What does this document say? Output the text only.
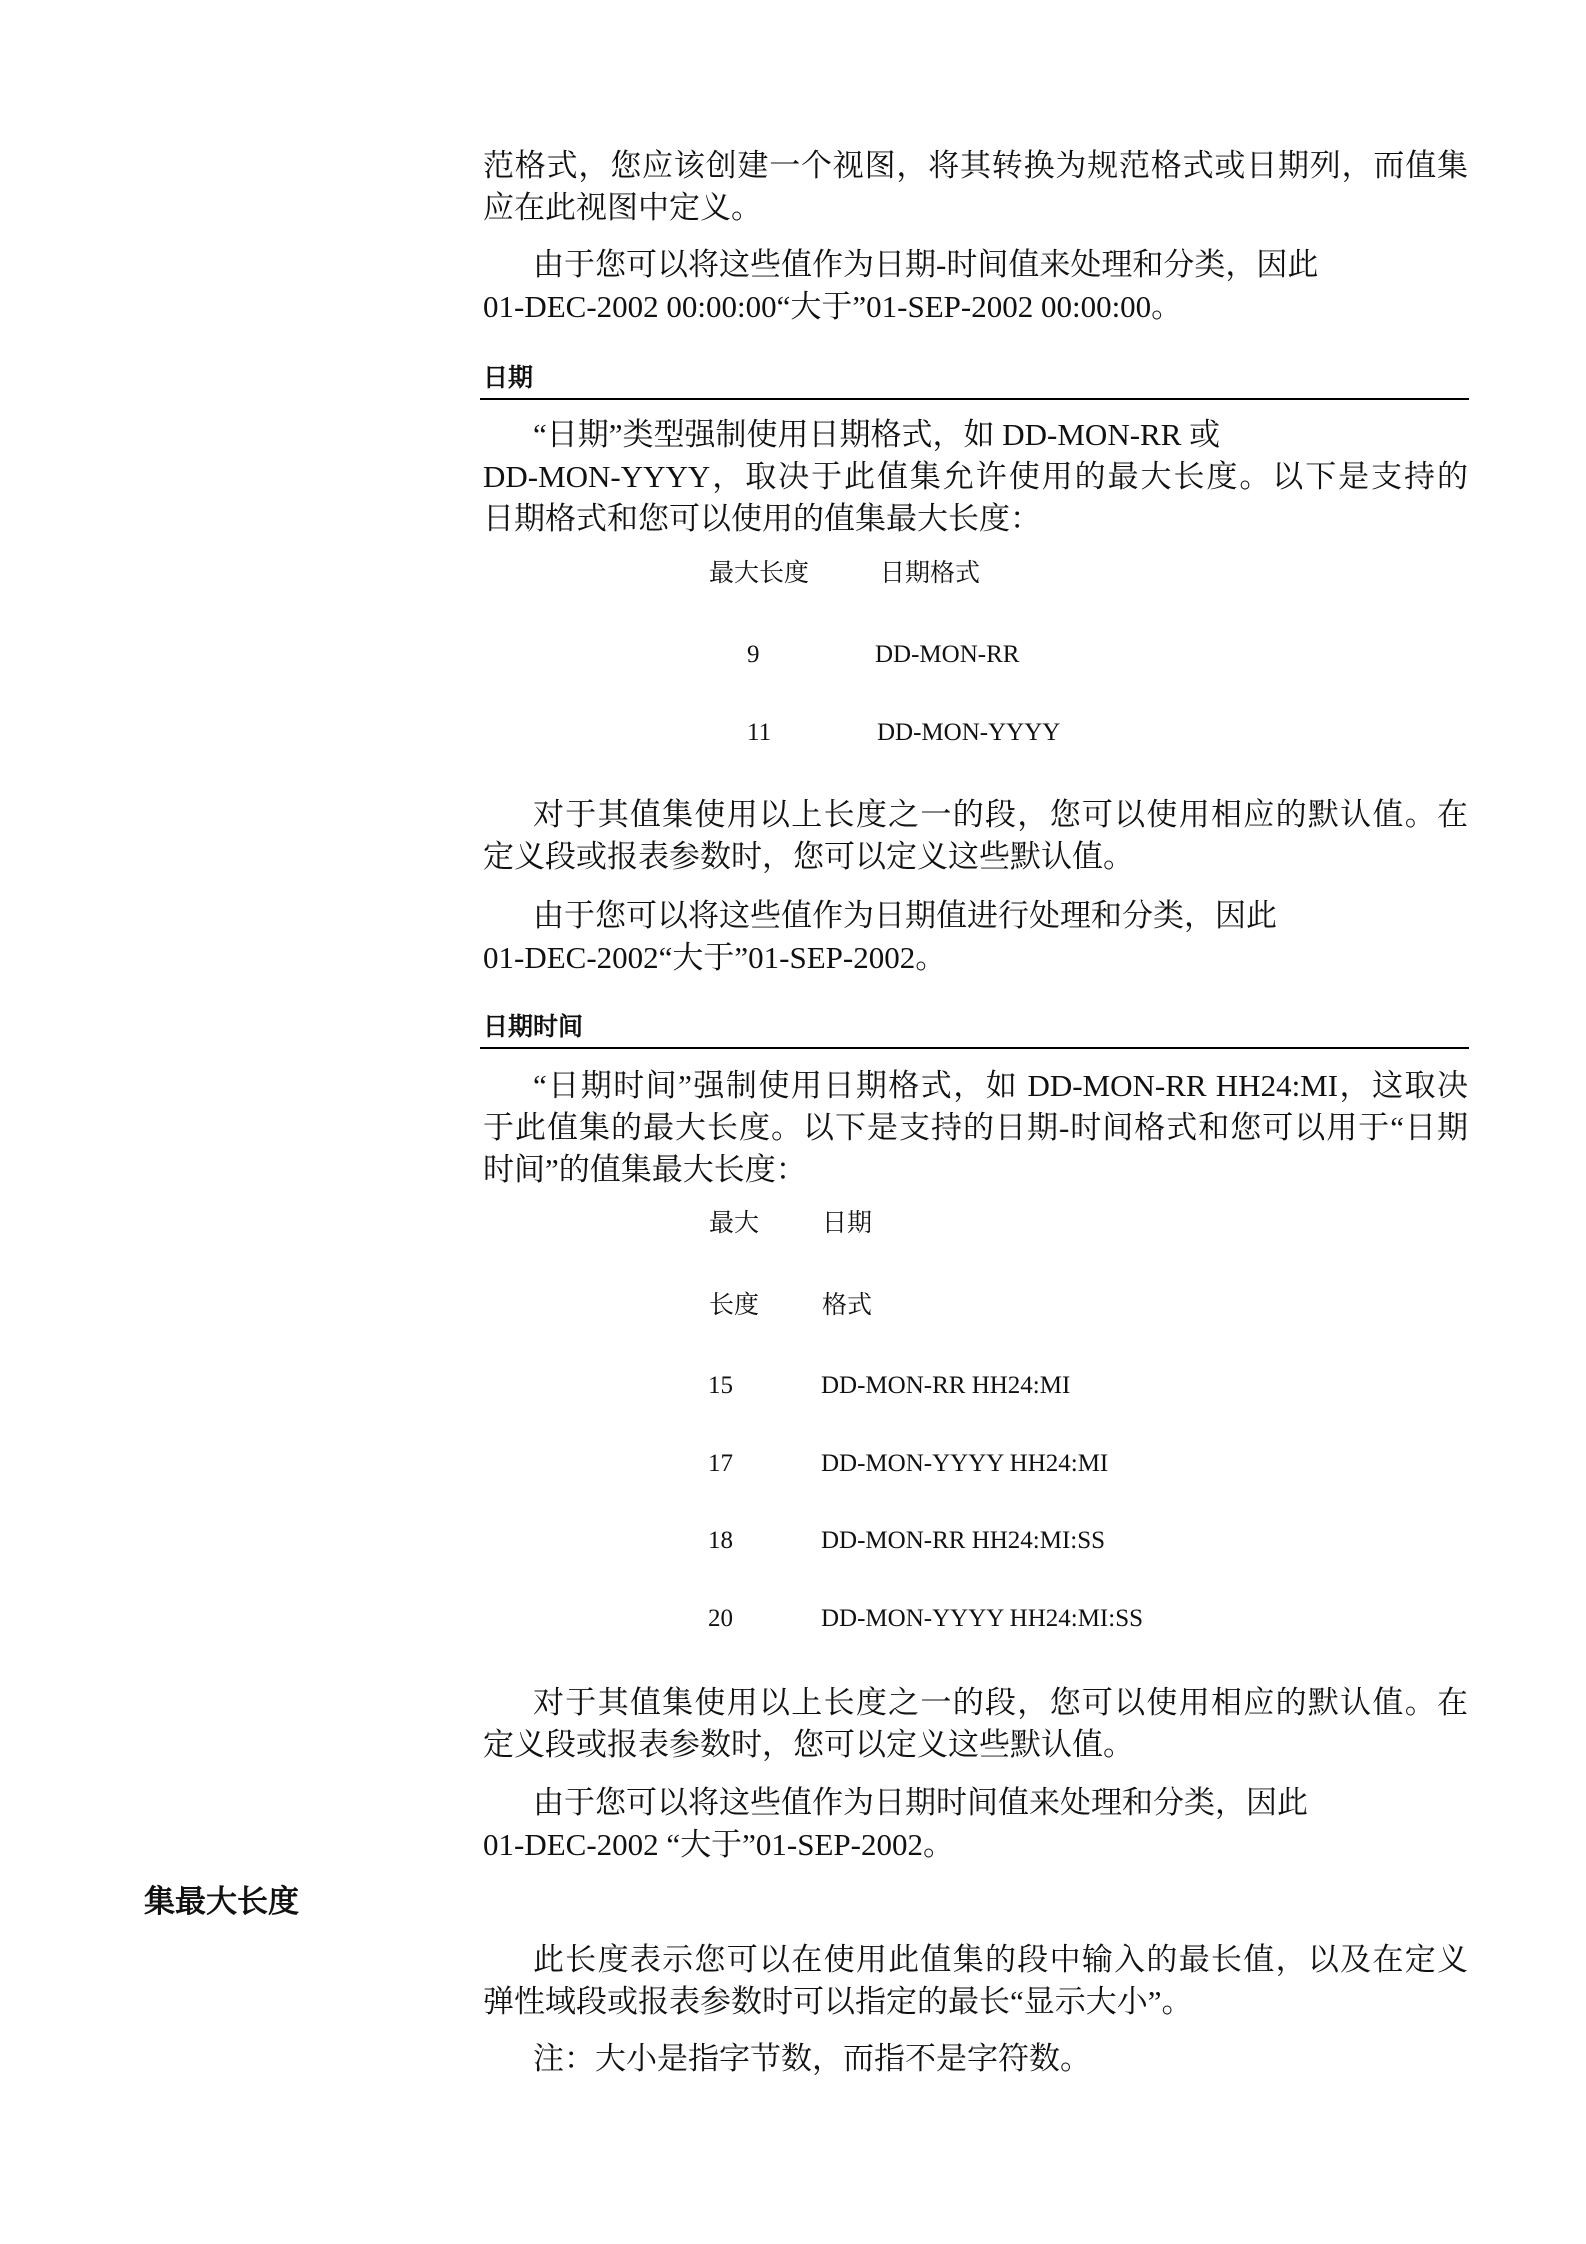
范格式，您应该创建一个视图，将其转换为规范格式或日期列，而值集
应在此视图中定义。
由于您可以将这些值作为日期-时间值来处理和分类，因此
01-DEC-2002 00:00:00“大于”01-SEP-2002 00:00:00。
日期
“日期”类型强制使用日期格式，如 DD-MON-RR 或
DD-MON-YYYY，取决于此值集允许使用的最大长度。以下是支持的
日期格式和您可以使用的值集最大长度：
最大长度	日期格式
9	DD-MON-RR
11	DD-MON-YYYY
对于其值集使用以上长度之一的段，您可以使用相应的默认值。在
定义段或报表参数时，您可以定义这些默认值。
由于您可以将这些值作为日期值进行处理和分类，因此
01-DEC-2002“大于”01-SEP-2002。
日期时间
“日期时间”强制使用日期格式，如 DD-MON-RR HH24:MI，这取决
于此值集的最大长度。以下是支持的日期-时间格式和您可以用于“日期
时间”的值集最大长度：
最大	日期
长度	格式
15	DD-MON-RR HH24:MI
17	DD-MON-YYYY HH24:MI
18	DD-MON-RR HH24:MI:SS
20	DD-MON-YYYY HH24:MI:SS
对于其值集使用以上长度之一的段，您可以使用相应的默认值。在
定义段或报表参数时，您可以定义这些默认值。
由于您可以将这些值作为日期时间值来处理和分类，因此
01-DEC-2002 “大于”01-SEP-2002。
集最大长度
此长度表示您可以在使用此值集的段中输入的最长值，以及在定义
弹性域段或报表参数时可以指定的最长“显示大小”。
注：大小是指字节数，而指不是字符数。
